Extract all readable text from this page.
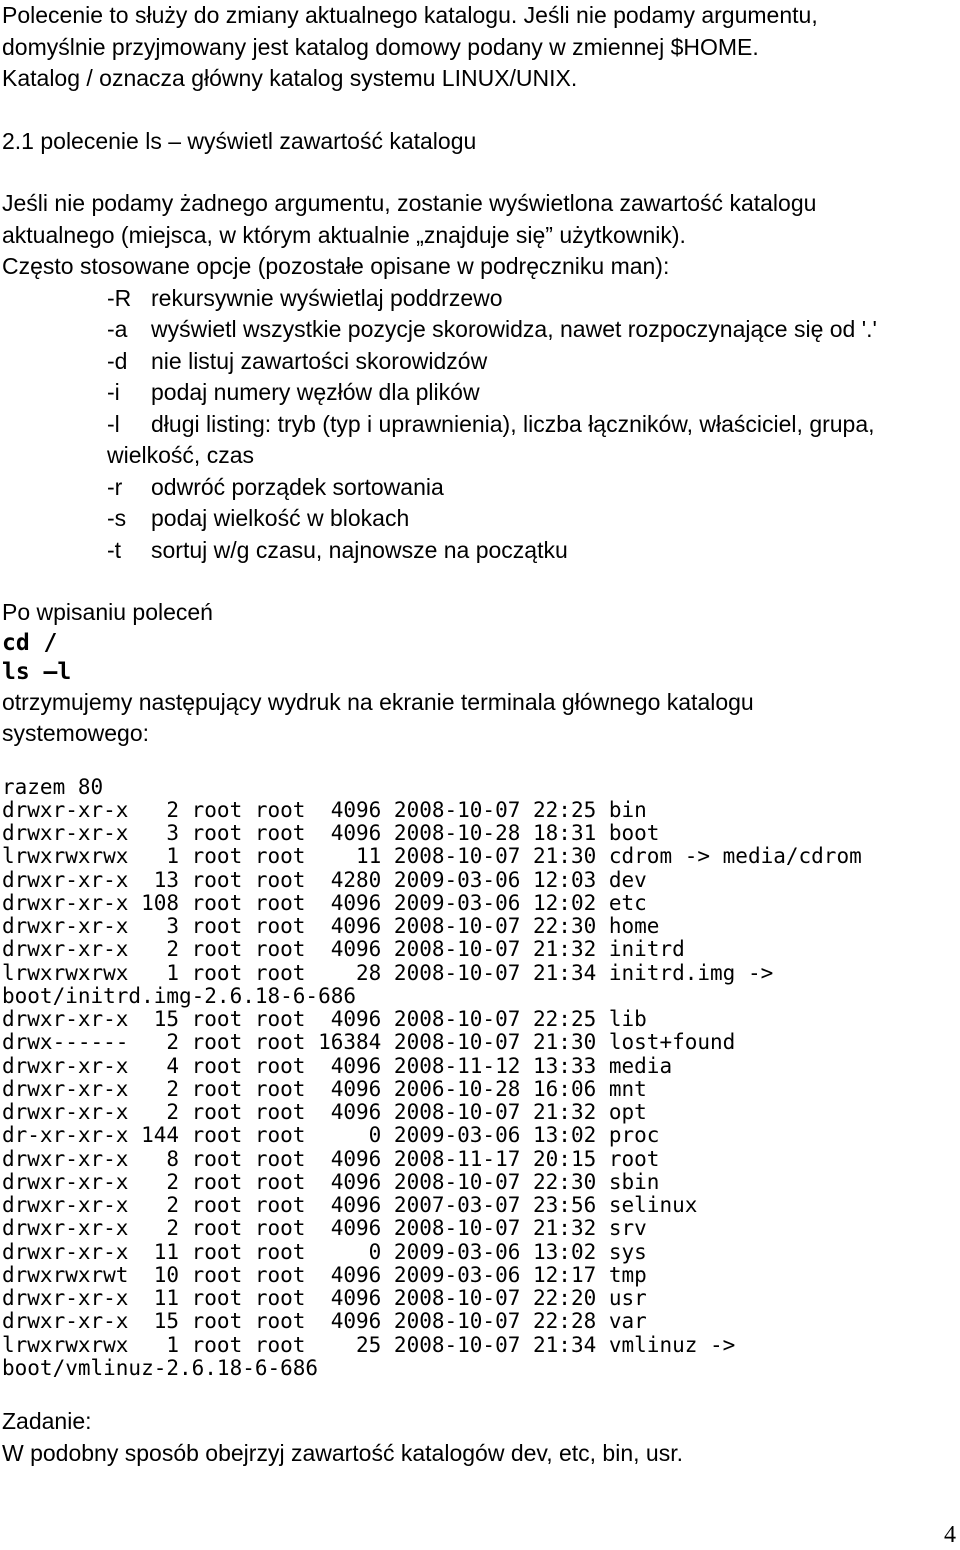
Polecenie to służy do zmiany aktualnego katalogu. Jeśli nie podamy argumentu,

domyślnie przyjmowany jest katalog domowy podany w zmiennej $HOME.

Katalog / oznacza główny katalog systemu LINUX/UNIX.

2.1 polecenie ls – wyświetl zawartość katalogu

Jeśli nie podamy żadnego argumentu, zostanie wyświetlona zawartość katalogu

aktualnego (miejsca, w którym aktualnie „znajduje się” użytkownik).

Często stosowane opcje (pozostałe opisane w podręczniku man):

-R rekursywnie wyświetlaj poddrzewo
-a	wyświetl wszystkie pozycje skorowidza, nawet rozpoczynające się od '.'
-d	nie listuj zawartości skorowidzów
-i	podaj numery węzłów dla plików
-l	długi listing: tryb (typ i uprawnienia), liczba łączników, właściciel, grupa,

wielkość, czas

-r	odwróć porządek sortowania
-s	podaj wielkość w blokach
-t	sortuj w/g czasu, najnowsze na początku

Po wpisaniu poleceń

cd /
ls –l

otrzymujemy następujący wydruk na ekranie terminala głównego katalogu

systemowego:

razem 80
drwxr-xr-x   2 root root  4096 2008-10-07 22:25 bin
drwxr-xr-x   3 root root  4096 2008-10-28 18:31 boot
lrwxrwxrwx   1 root root    11 2008-10-07 21:30 cdrom -> media/cdrom
drwxr-xr-x  13 root root  4280 2009-03-06 12:03 dev
drwxr-xr-x 108 root root  4096 2009-03-06 12:02 etc
drwxr-xr-x   3 root root  4096 2008-10-07 22:30 home
drwxr-xr-x   2 root root  4096 2008-10-07 21:32 initrd
lrwxrwxrwx   1 root root    28 2008-10-07 21:34 initrd.img ->
boot/initrd.img-2.6.18-6-686
drwxr-xr-x  15 root root  4096 2008-10-07 22:25 lib
drwx------   2 root root 16384 2008-10-07 21:30 lost+found
drwxr-xr-x   4 root root  4096 2008-11-12 13:33 media
drwxr-xr-x   2 root root  4096 2006-10-28 16:06 mnt
drwxr-xr-x   2 root root  4096 2008-10-07 21:32 opt
dr-xr-xr-x 144 root root     0 2009-03-06 13:02 proc
drwxr-xr-x   8 root root  4096 2008-11-17 20:15 root
drwxr-xr-x   2 root root  4096 2008-10-07 22:30 sbin
drwxr-xr-x   2 root root  4096 2007-03-07 23:56 selinux
drwxr-xr-x   2 root root  4096 2008-10-07 21:32 srv
drwxr-xr-x  11 root root     0 2009-03-06 13:02 sys
drwxrwxrwt  10 root root  4096 2009-03-06 12:17 tmp
drwxr-xr-x  11 root root  4096 2008-10-07 22:20 usr
drwxr-xr-x  15 root root  4096 2008-10-07 22:28 var
lrwxrwxrwx   1 root root    25 2008-10-07 21:34 vmlinuz ->
boot/vmlinuz-2.6.18-6-686

Zadanie:

W podobny sposób obejrzyj zawartość katalogów dev, etc, bin, usr.

4
